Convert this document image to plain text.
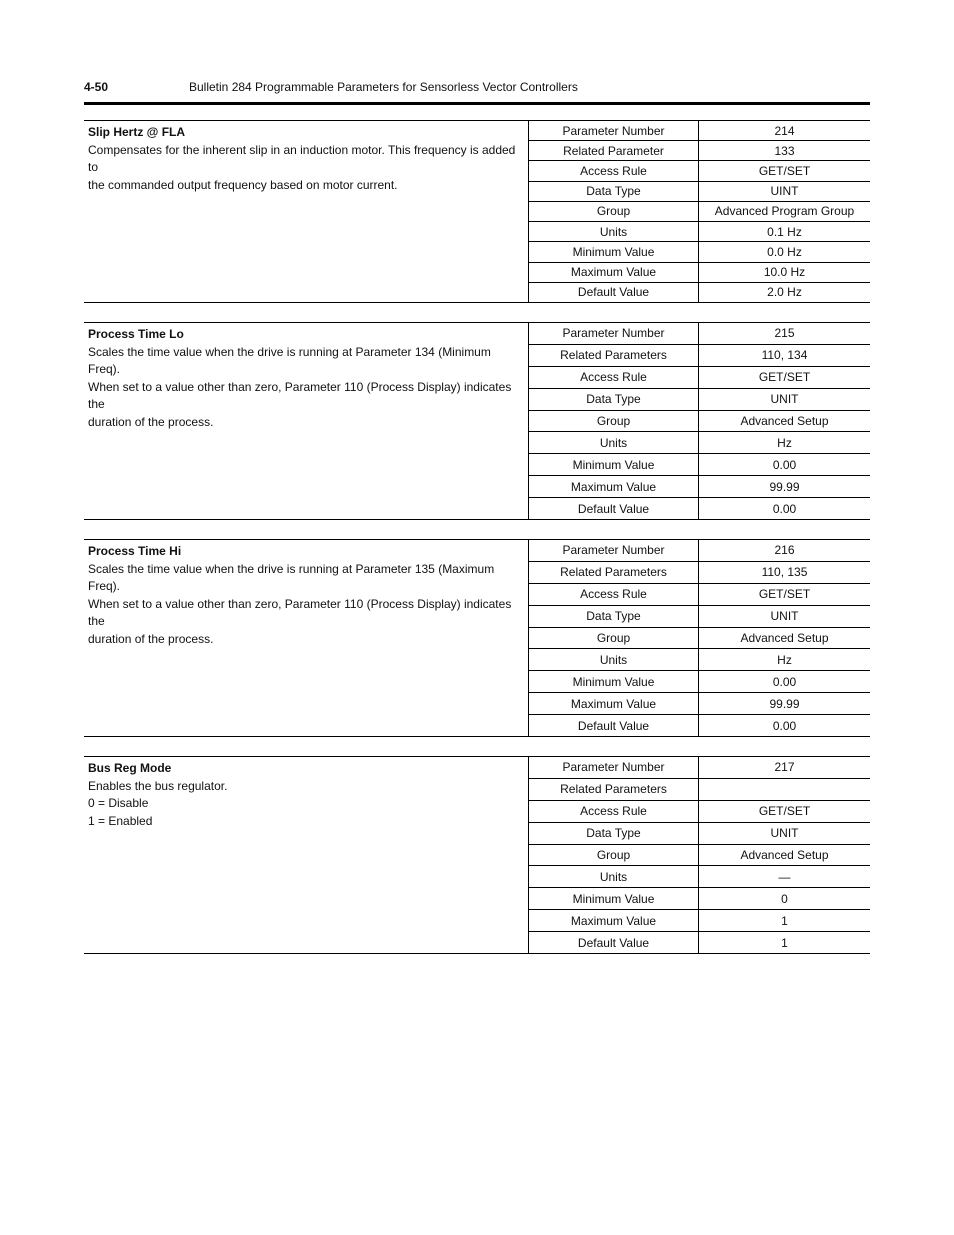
4-50	Bulletin 284 Programmable Parameters for Sensorless Vector Controllers
Slip Hertz @ FLA
Compensates for the inherent slip in an induction motor. This frequency is added to
the commanded output frequency based on motor current.
Parameter Number	214
Related Parameter	133
Access Rule	GET/SET
Data Type	UINT
Group	Advanced Program Group
Units	0.1 Hz
Minimum Value	0.0 Hz
Maximum Value	10.0 Hz
Default Value	2.0 Hz
Process Time Lo
Scales the time value when the drive is running at Parameter 134 (Minimum Freq).
When set to a value other than zero, Parameter 110 (Process Display) indicates the
duration of the process.
Parameter Number	215
Related Parameters	110, 134
Access Rule	GET/SET
Data Type	UNIT
Group	Advanced Setup
Units	Hz
Minimum Value	0.00
Maximum Value	99.99
Default Value	0.00
Process Time Hi
Scales the time value when the drive is running at Parameter 135 (Maximum Freq).
When set to a value other than zero, Parameter 110 (Process Display) indicates the
duration of the process.
Parameter Number	216
Related Parameters	110, 135
Access Rule	GET/SET
Data Type	UNIT
Group	Advanced Setup
Units	Hz
Minimum Value	0.00
Maximum Value	99.99
Default Value	0.00
Bus Reg Mode
Enables the bus regulator.
0 = Disable
1 = Enabled
Parameter Number	217
Related Parameters
Access Rule	GET/SET
Data Type	UNIT
Group	Advanced Setup
Units	—
Minimum Value	0
Maximum Value	1
Default Value	1
